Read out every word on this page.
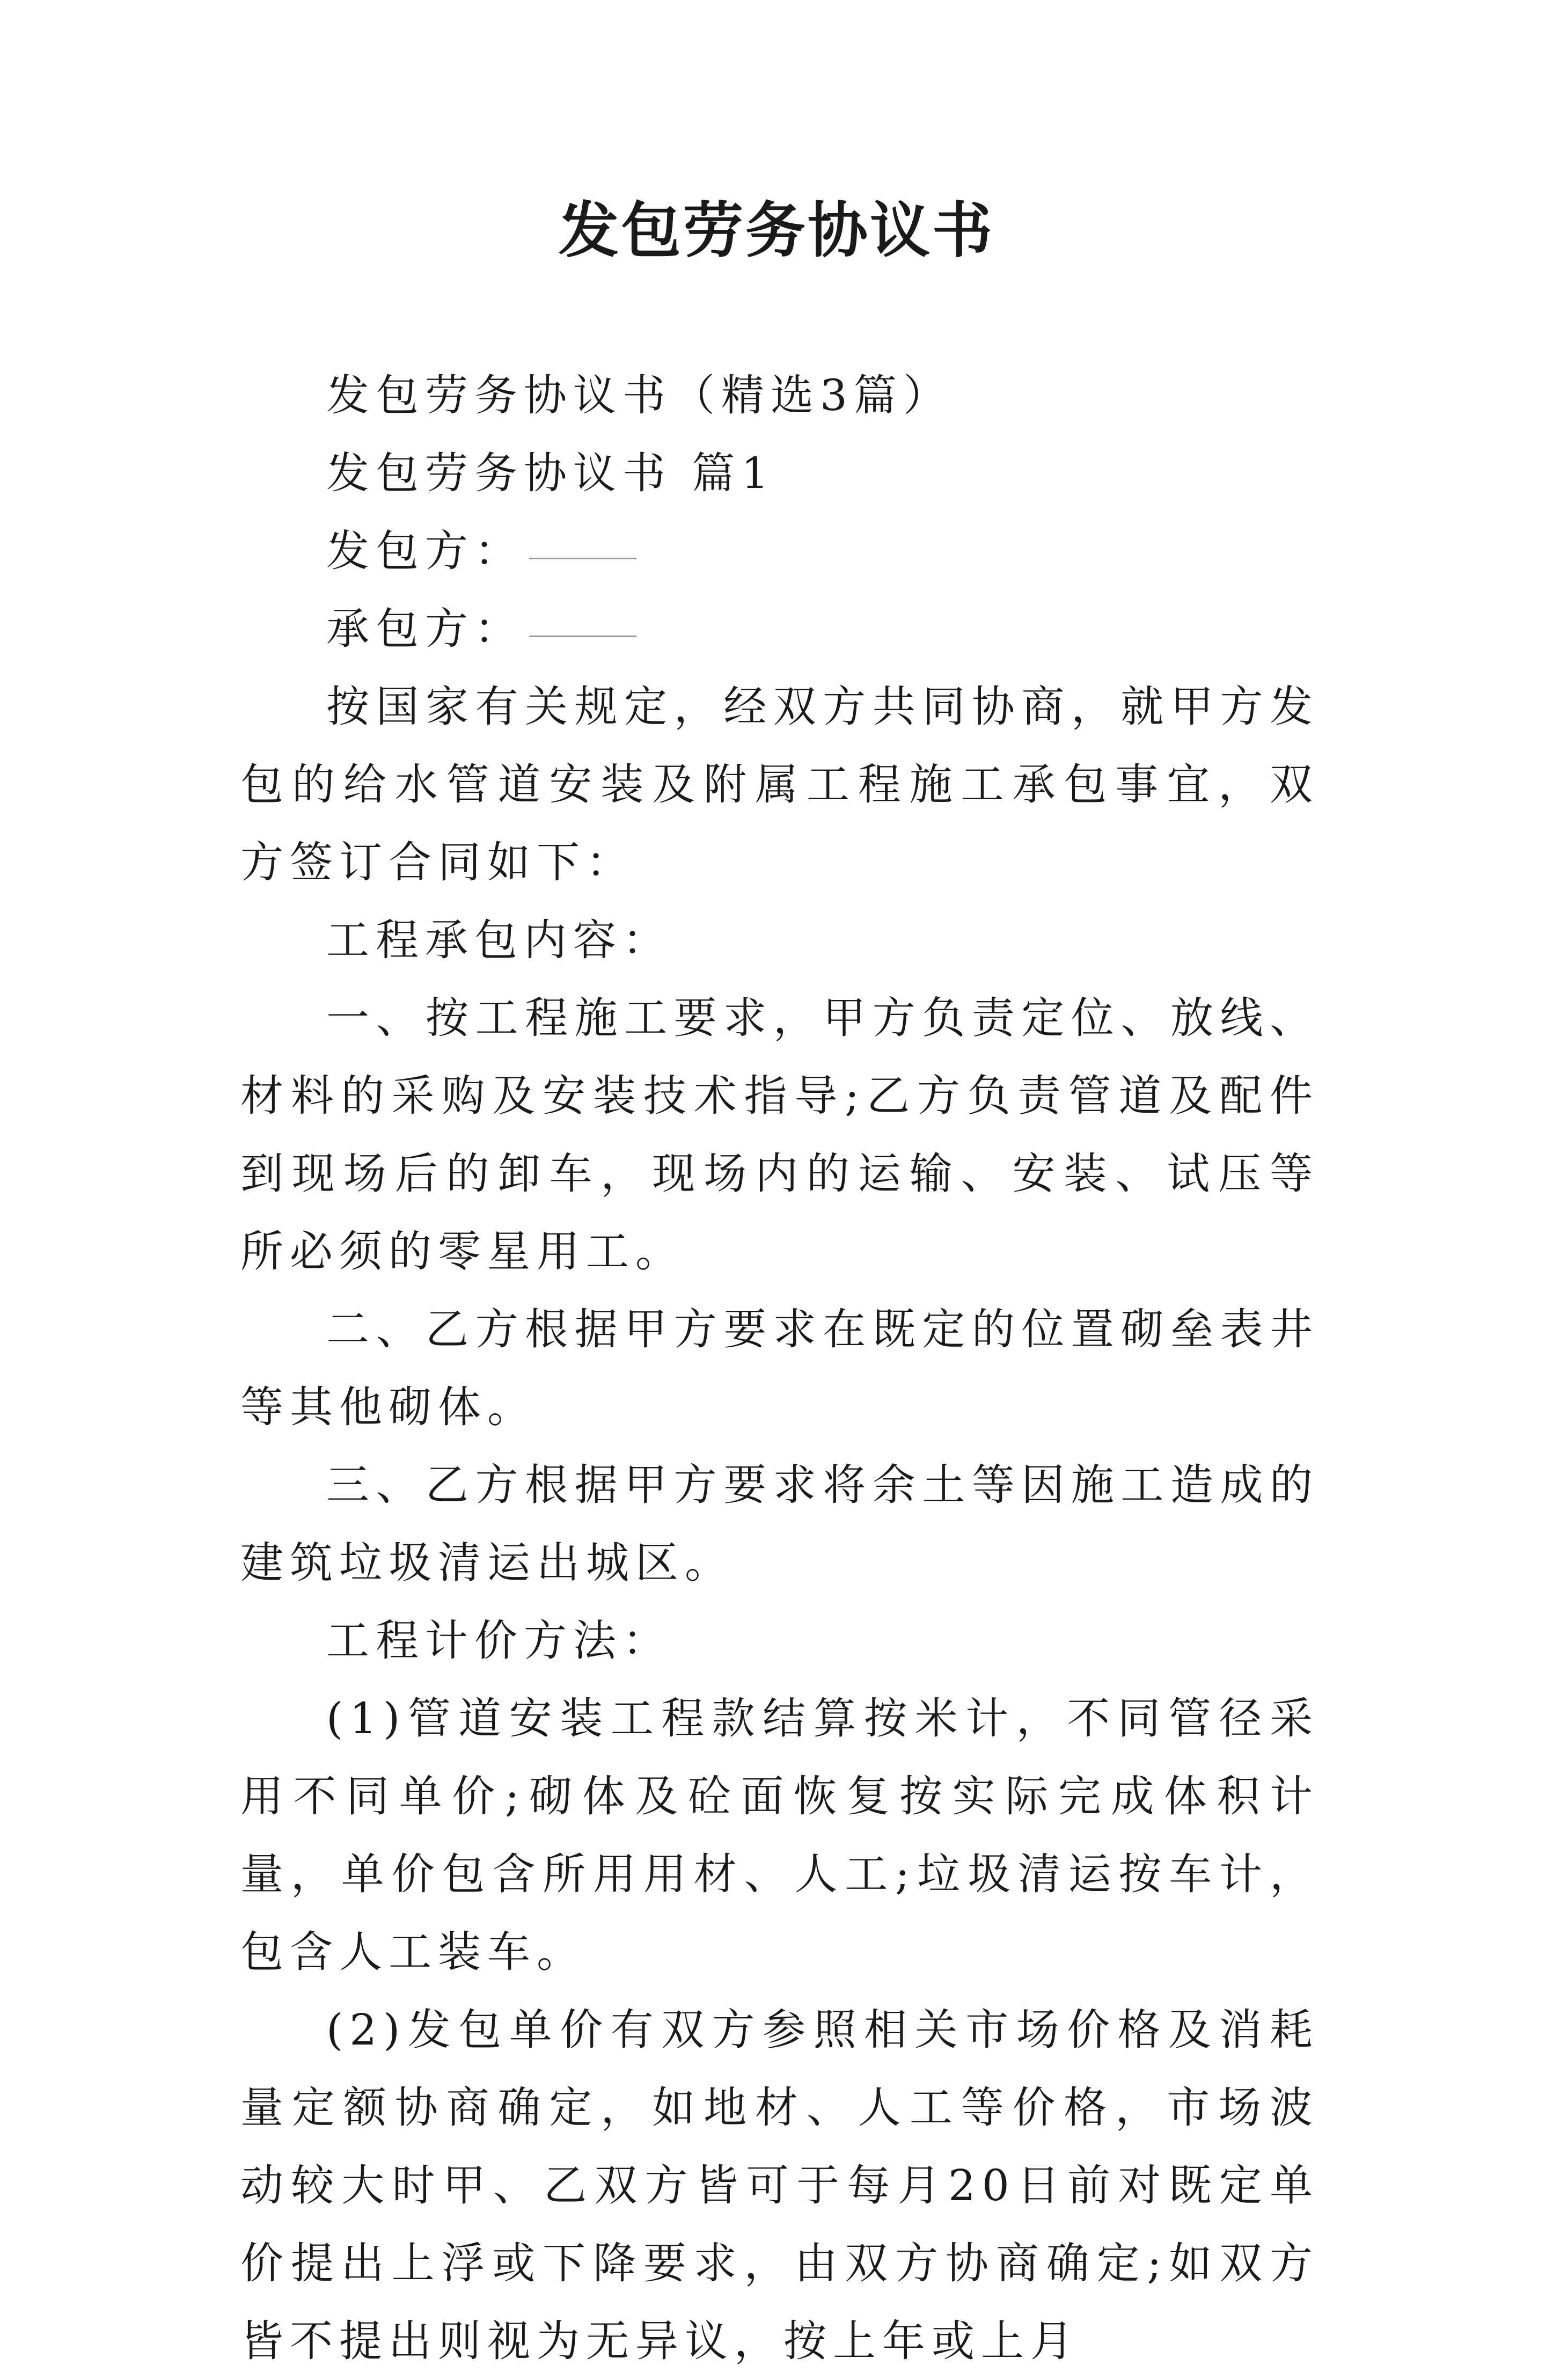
发包劳务协议书

发包劳务协议书（精选3篇）

发包劳务协议书 篇1

发包方：

承包方：

按国家有关规定，经双方共同协商，就甲方发包的给水管道安装及附属工程施工承包事宜，双方签订合同如下：

工程承包内容：

一、按工程施工要求，甲方负责定位、放线、材料的采购及安装技术指导;乙方负责管道及配件到现场后的卸车，现场内的运输、安装、试压等所必须的零星用工。

二、乙方根据甲方要求在既定的位置砌垒表井等其他砌体。

三、乙方根据甲方要求将余土等因施工造成的建筑垃圾清运出城区。

工程计价方法：

(1)管道安装工程款结算按米计，不同管径采用不同单价;砌体及砼面恢复按实际完成体积计量，单价包含所用用材、人工;垃圾清运按车计，包含人工装车。

(2)发包单价有双方参照相关市场价格及消耗量定额协商确定，如地材、人工等价格，市场波动较大时甲、乙双方皆可于每月20日前对既定单价提出上浮或下降要求，由双方协商确定;如双方皆不提出则视为无异议，按上年或上月
